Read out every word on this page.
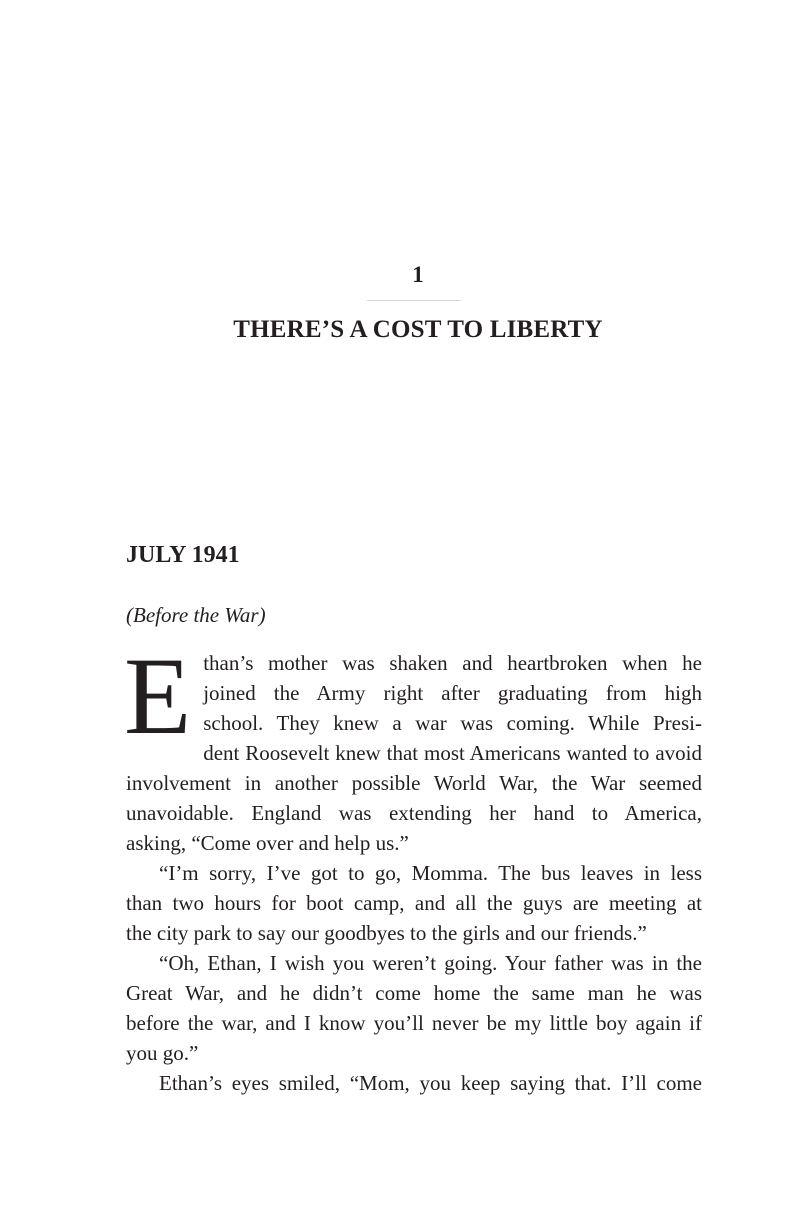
1
THERE’S A COST TO LIBERTY
JULY 1941
(Before the War)
E than’s mother was shaken and heartbroken when he
joined the Army right after graduating from high
school. They knew a war was coming. While Presi-
dent Roosevelt knew that most Americans wanted to avoid
involvement in another possible World War, the War seemed
unavoidable. England was extending her hand to America,
asking, “Come over and help us.”
“I’m sorry, I’ve got to go, Momma. The bus leaves in less
than two hours for boot camp, and all the guys are meeting at
the city park to say our goodbyes to the girls and our friends.”
“Oh, Ethan, I wish you weren’t going. Your father was in the
Great War, and he didn’t come home the same man he was
before the war, and I know you’ll never be my little boy again if
you go.”
Ethan’s eyes smiled, “Mom, you keep saying that. I’ll come
